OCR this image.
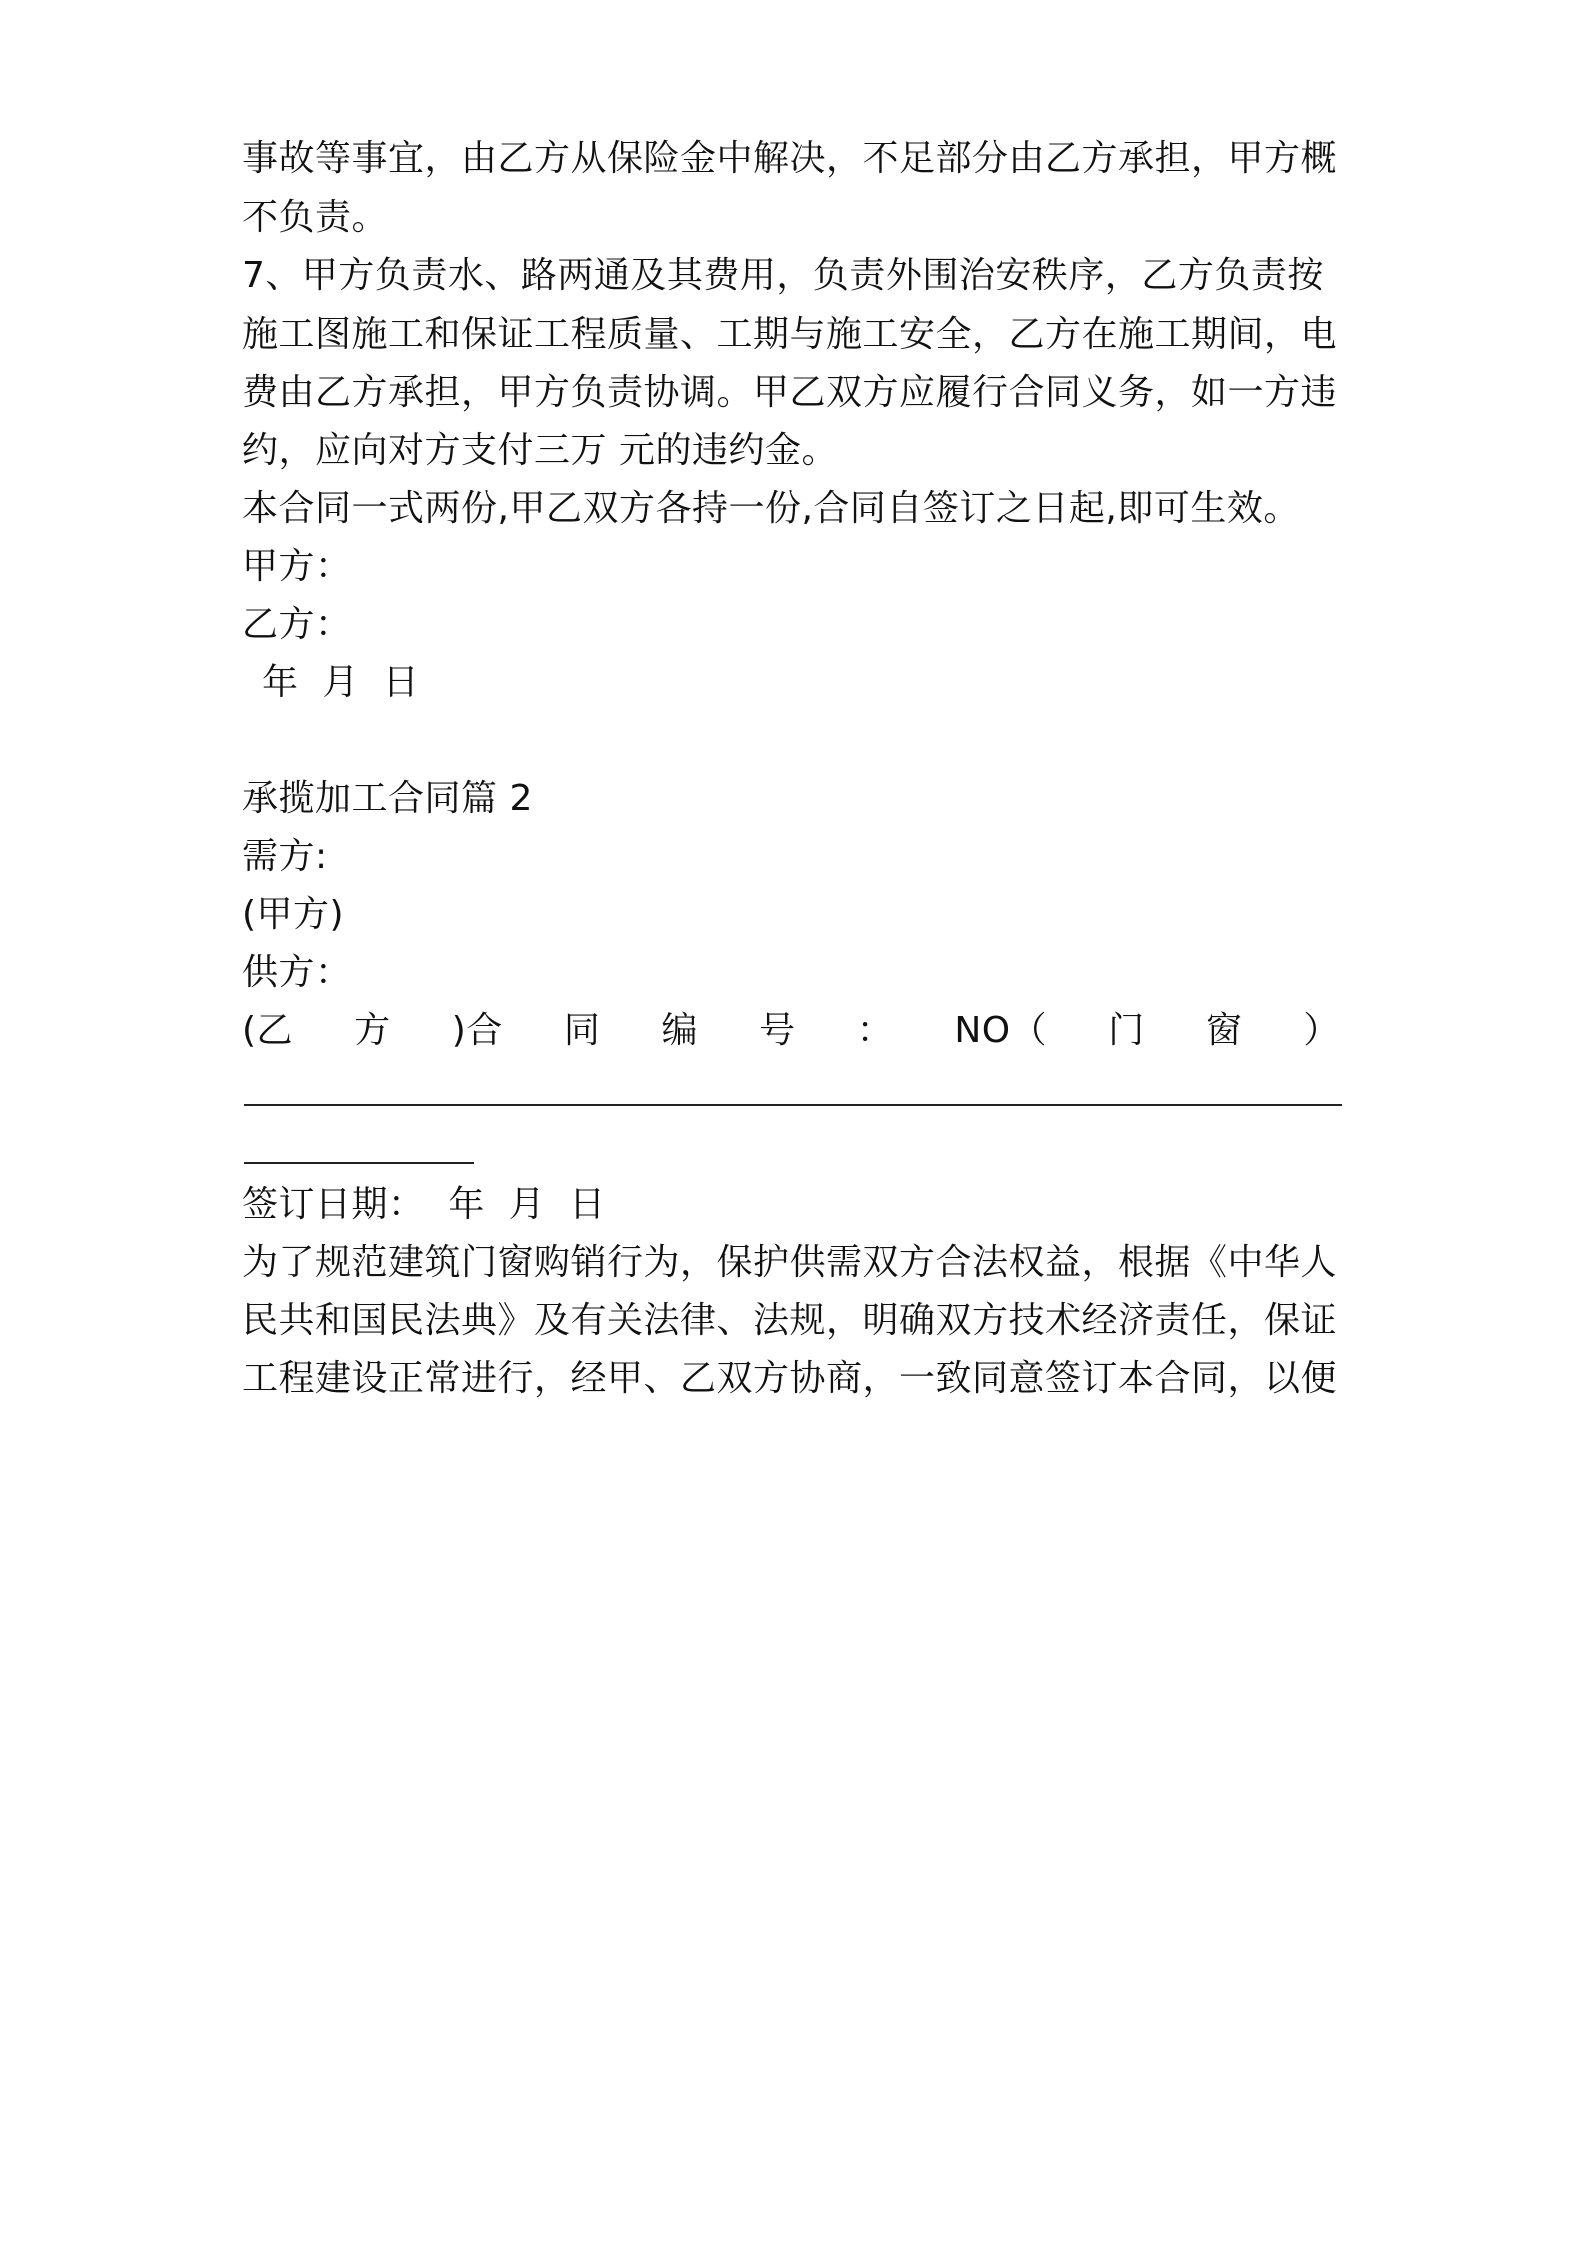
事故等事宜，由乙方从保险金中解决，不足部分由乙方承担，甲方概
不负责。
7、甲方负责水、路两通及其费用，负责外围治安秩序，乙方负责按
施工图施工和保证工程质量、工期与施工安全，乙方在施工期间，电
费由乙方承担，甲方负责协调。甲乙双方应履行合同义务，如一方违
约，应向对方支付三万 元的违约金。
本合同一式两份,甲乙双方各持一份,合同自签订之日起,即可生效。
甲方：
乙方：
年  月  日
承揽加工合同篇 2
需方:
(甲方)
供方：
(乙 方 )合 同 编 号 ： NO（ 门 窗 ）
签订日期：  年  月  日
为了规范建筑门窗购销行为，保护供需双方合法权益，根据《中华人
民共和国民法典》及有关法律、法规，明确双方技术经济责任，保证
工程建设正常进行，经甲、乙双方协商，一致同意签订本合同，以便
